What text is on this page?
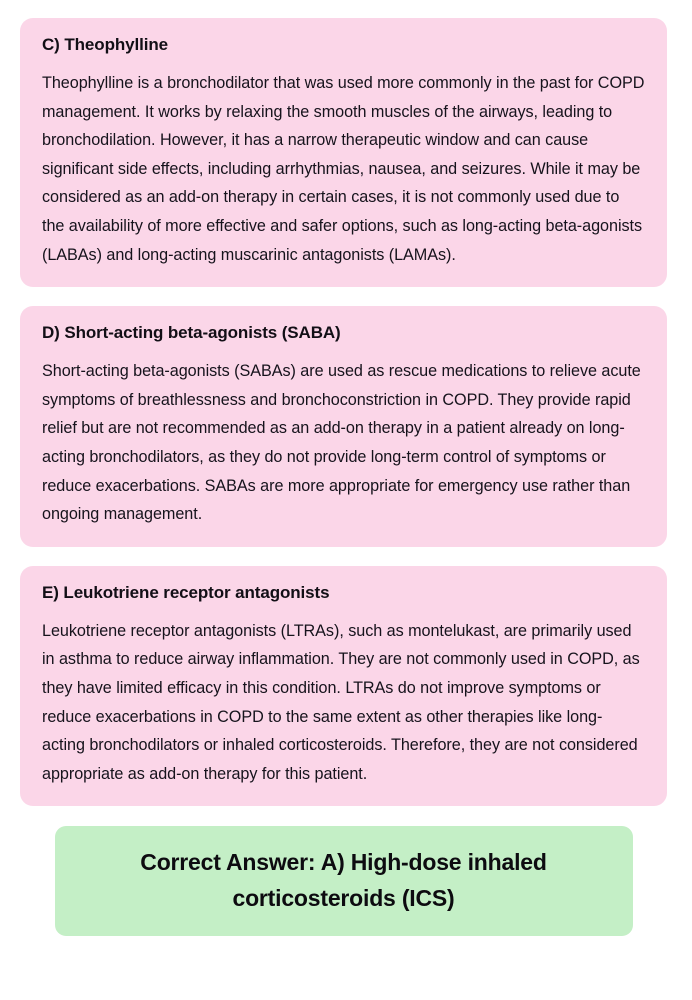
C) Theophylline

Theophylline is a bronchodilator that was used more commonly in the past for COPD management. It works by relaxing the smooth muscles of the airways, leading to bronchodilation. However, it has a narrow therapeutic window and can cause significant side effects, including arrhythmias, nausea, and seizures. While it may be considered as an add-on therapy in certain cases, it is not commonly used due to the availability of more effective and safer options, such as long-acting beta-agonists (LABAs) and long-acting muscarinic antagonists (LAMAs).

D) Short-acting beta-agonists (SABA)

Short-acting beta-agonists (SABAs) are used as rescue medications to relieve acute symptoms of breathlessness and bronchoconstriction in COPD. They provide rapid relief but are not recommended as an add-on therapy in a patient already on long-acting bronchodilators, as they do not provide long-term control of symptoms or reduce exacerbations. SABAs are more appropriate for emergency use rather than ongoing management.

E) Leukotriene receptor antagonists

Leukotriene receptor antagonists (LTRAs), such as montelukast, are primarily used in asthma to reduce airway inflammation. They are not commonly used in COPD, as they have limited efficacy in this condition. LTRAs do not improve symptoms or reduce exacerbations in COPD to the same extent as other therapies like long-acting bronchodilators or inhaled corticosteroids. Therefore, they are not considered appropriate as add-on therapy for this patient.

Correct Answer: A) High-dose inhaled corticosteroids (ICS)
